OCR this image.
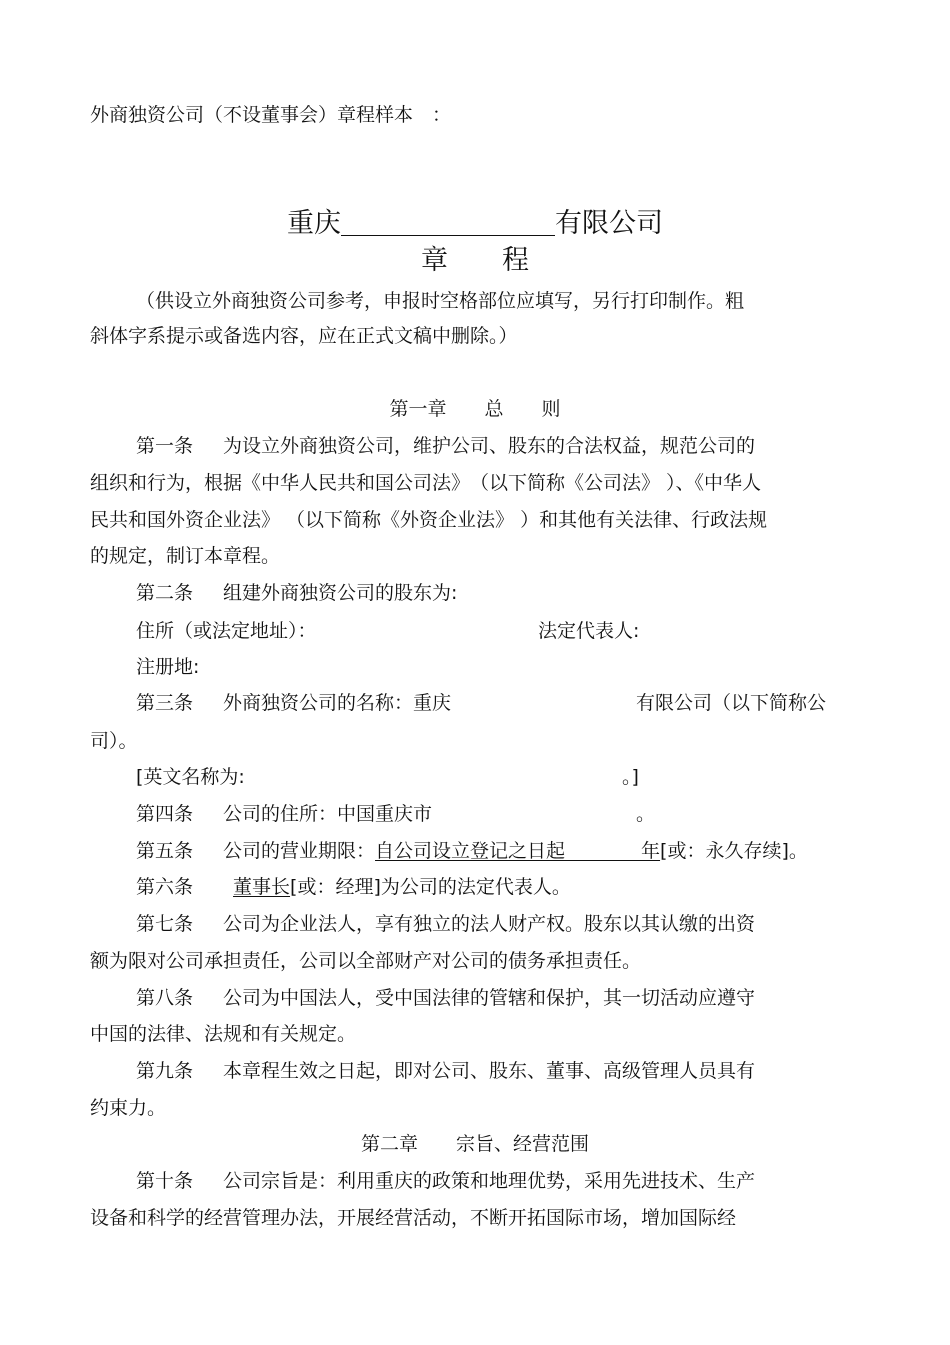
外商独资公司（不设董事会）章程样本　：
重庆	有限公司
章　　程
（供设立外商独资公司参考，申报时空格部位应填写，另行打印制作。粗
斜体字系提示或备选内容，应在正式文稿中删除。）
第一章　　总　　则
第一条 为设立外商独资公司，维护公司、股东的合法权益，规范公司的
组织和行为，根据《中华人民共和国公司法》　（以下简称《公司法》 ）、《中华人
民共和国外资企业法》 （以下简称《外资企业法》 ）和其他有关法律、行政法规
的规定，制订本章程。
第二条 组建外商独资公司的股东为:
住所（或法定地址）：	法定代表人:
注册地:
第三条 外商独资公司的名称：重庆	有限公司（以下简称公
司）。
[英文名称为:	。]
第四条 公司的住所：中国重庆市	。
第五条 公司的营业期限：自公司设立登记之日起　　　　年[或：永久存续]。
第六条 董事长[或：经理]为公司的法定代表人。
第七条 公司为企业法人，享有独立的法人财产权。股东以其认缴的出资
额为限对公司承担责任，公司以全部财产对公司的债务承担责任。
第八条 公司为中国法人，受中国法律的管辖和保护，其一切活动应遵守
中国的法律、法规和有关规定。
第九条 本章程生效之日起，即对公司、股东、董事、高级管理人员具有
约束力。
第二章　　宗旨、经营范围
第十条 公司宗旨是：利用重庆的政策和地理优势，采用先进技术、生产
设备和科学的经营管理办法，开展经营活动，不断开拓国际市场，增加国际经
